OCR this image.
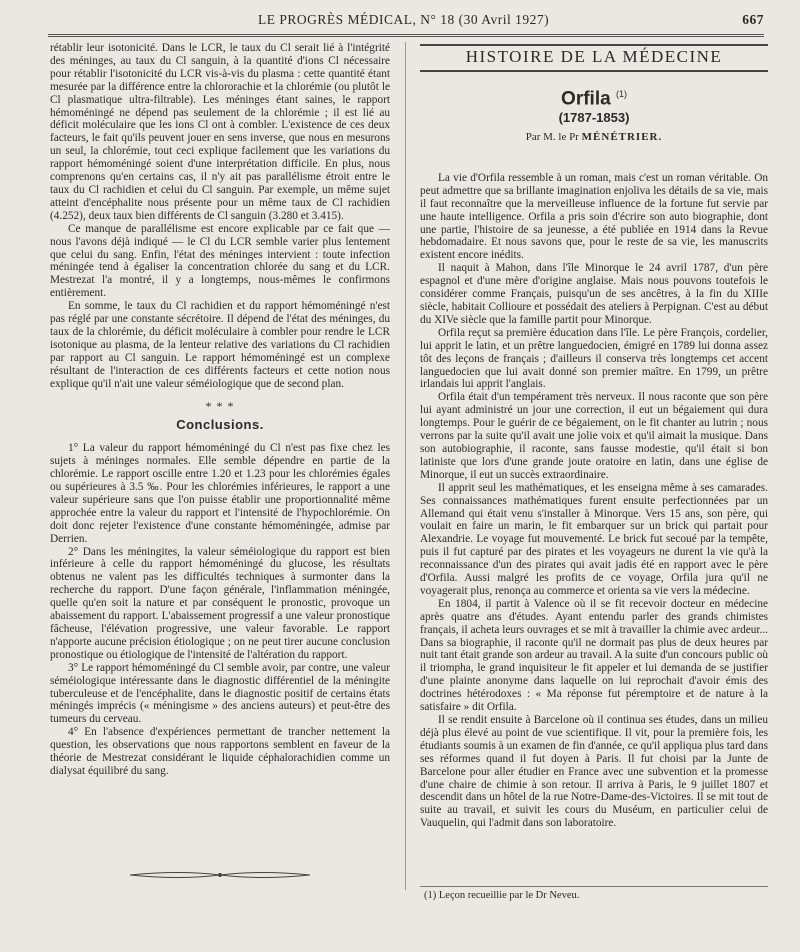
LE PROGRÈS MÉDICAL, N° 18 (30 Avril 1927)	667

rétablir leur isotonicité. Dans le LCR, le taux du Cl serait lié à l'intégrité des méninges, au taux du Cl sanguin, à la quantité d'ions Cl nécessaire pour rétablir l'isotonicité du LCR vis-à-vis du plasma : cette quantité étant mesurée par la différence entre la chlororachie et la chlorémie (ou plutôt le Cl plasmatique ultra-filtrable). Les méninges étant saines, le rapport hémoméningé ne dépend pas seulement de la chlorémie ; il est lié au déficit moléculaire que les ions Cl ont à combler. L'existence de ces deux facteurs, le fait qu'ils peuvent jouer en sens inverse, que nous en mesurons un seul, la chlorémie, tout ceci explique facilement que les variations du rapport hémoméningé soient d'une interprétation difficile. En plus, nous comprenons qu'en certains cas, il n'y ait pas parallélisme étroit entre le taux du Cl rachidien et celui du Cl sanguin. Par exemple, un même sujet atteint d'encéphalite nous présente pour un même taux de Cl rachidien (4.252), deux taux bien différents de Cl sanguin (3.280 et 3.415).

Ce manque de parallélisme est encore explicable par ce fait que — nous l'avons déjà indiqué — le Cl du LCR semble varier plus lentement que celui du sang. Enfin, l'état des méninges intervient : toute infection méningée tend à égaliser la concentration chlorée du sang et du LCR. Mestrezat l'a montré, il y a longtemps, nous-mêmes le confirmons entièrement.

En somme, le taux du Cl rachidien et du rapport hémoméningé n'est pas réglé par une constante sécrétoire. Il dépend de l'état des méninges, du taux de la chlorémie, du déficit moléculaire à combler pour rendre le LCR isotonique au plasma, de la lenteur relative des variations du Cl rachidien par rapport au Cl sanguin. Le rapport hémoméningé est un complexe résultant de l'interaction de ces différents facteurs et cette notion nous explique qu'il n'ait une valeur séméiologique que de second plan.

* * *
Conclusions.

1° La valeur du rapport hémoméningé du Cl n'est pas fixe chez les sujets à méninges normales. Elle semble dépendre en partie de la chlorémie. Le rapport oscille entre 1.20 et 1.23 pour les chlorémies égales ou supérieures à 3.5 ‰. Pour les chlorémies inférieures, le rapport a une valeur supérieure sans que l'on puisse établir une proportionnalité même approchée entre la valeur du rapport et l'intensité de l'hypochlorémie. On doit donc rejeter l'existence d'une constante hémoméningée, admise par Derrien.

2° Dans les méningites, la valeur séméiologique du rapport est bien inférieure à celle du rapport hémoméningé du glucose, les résultats obtenus ne valent pas les difficultés techniques à surmonter dans la recherche du rapport. D'une façon générale, l'inflammation méningée, quelle qu'en soit la nature et par conséquent le pronostic, provoque un abaissement du rapport. L'abaissement progressif a une valeur pronostique fâcheuse, l'élévation progressive, une valeur favorable. Le rapport n'apporte aucune précision étiologique ; on ne peut tirer aucune conclusion pronostique ou étiologique de l'intensité de l'altération du rapport.

3° Le rapport hémoméningé du Cl semble avoir, par contre, une valeur séméiologique intéressante dans le diagnostic différentiel de la méningite tuberculeuse et de l'encéphalite, dans le diagnostic positif de certains états méningés imprécis (« méningisme » des anciens auteurs) et peut-être des tumeurs du cerveau.

4° En l'absence d'expériences permettant de trancher nettement la question, les observations que nous rapportons semblent en faveur de la théorie de Mestrezat considérant le liquide céphalorachidien comme un dialysat équilibré du sang.

HISTOIRE DE LA MÉDECINE
Orfila $^{(1)}$
(1787-1853)
Par M. le Pr MÉNÉTRIER.

La vie d'Orfila ressemble à un roman, mais c'est un roman véritable. On peut admettre que sa brillante imagination enjoliva les détails de sa vie, mais il faut reconnaître que la merveilleuse influence de la fortune fut servie par une haute intelligence. Orfila a pris soin d'écrire son auto biographie, dont une partie, l'histoire de sa jeunesse, a été publiée en 1914 dans la Revue hebdomadaire. Et nous savons que, pour le reste de sa vie, les manuscrits existent encore inédits.

Il naquit à Mahon, dans l'île Minorque le 24 avril 1787, d'un père espagnol et d'une mère d'origine anglaise. Mais nous pouvons toutefois le considérer comme Français, puisqu'un de ses ancêtres, à la fin du XIIIe siècle, habitait Collioure et possédait des ateliers à Perpignan. C'est au début du XIVe siècle que la famille partit pour Minorque.

Orfila reçut sa première éducation dans l'île. Le père François, cordelier, lui apprit le latin, et un prêtre languedocien, émigré en 1789 lui donna assez tôt des leçons de français ; d'ailleurs il conserva très longtemps cet accent languedocien que lui avait donné son premier maître. En 1799, un prêtre irlandais lui apprit l'anglais.

Orfila était d'un tempérament très nerveux. Il nous raconte que son père lui ayant administré un jour une correction, il eut un bégaiement qui dura longtemps. Pour le guérir de ce bégaiement, on le fit chanter au lutrin ; nous verrons par la suite qu'il avait une jolie voix et qu'il aimait la musique. Dans son autobiographie, il raconte, sans fausse modestie, qu'il était si bon latiniste que lors d'une grande joute oratoire en latin, dans une église de Minorque, il eut un succès extraordinaire.

Il apprit seul les mathématiques, et les enseigna même à ses camarades. Ses connaissances mathématiques furent ensuite perfectionnées par un Allemand qui était venu s'installer à Minorque. Vers 15 ans, son père, qui voulait en faire un marin, le fit embarquer sur un brick qui partait pour Alexandrie. Le voyage fut mouvementé. Le brick fut secoué par la tempête, puis il fut capturé par des pirates et les voyageurs ne durent la vie qu'à la reconnaissance d'un des pirates qui avait jadis été en rapport avec le père d'Orfila. Aussi malgré les profits de ce voyage, Orfila jura qu'il ne voyagerait plus, renonça au commerce et orienta sa vie vers la médecine.

En 1804, il partit à Valence où il se fit recevoir docteur en médecine après quatre ans d'études. Ayant entendu parler des grands chimistes français, il acheta leurs ouvrages et se mit à travailler la chimie avec ardeur... Dans sa biographie, il raconte qu'il ne dormait pas plus de deux heures par nuit tant était grande son ardeur au travail. A la suite d'un concours public où il triompha, le grand inquisiteur le fit appeler et lui demanda de se justifier d'une plainte anonyme dans laquelle on lui reprochait d'avoir émis des doctrines hétérodoxes : « Ma réponse fut péremptoire et de nature à la satisfaire » dit Orfila.

Il se rendit ensuite à Barcelone où il continua ses études, dans un milieu déjà plus élevé au point de vue scientifique. Il vit, pour la première fois, les étudiants soumis à un examen de fin d'année, ce qu'il appliqua plus tard dans ses réformes quand il fut doyen à Paris. Il fut choisi par la Junte de Barcelone pour aller étudier en France avec une subvention et la promesse d'une chaire de chimie à son retour. Il arriva à Paris, le 9 juillet 1807 et descendit dans un hôtel de la rue Notre-Dame-des-Victoires. Il se mit tout de suite au travail, et suivit les cours du Muséum, en particulier celui de Vauquelin, qui l'admit dans son laboratoire.

(1) Leçon recueillie par le Dr Neveu.
